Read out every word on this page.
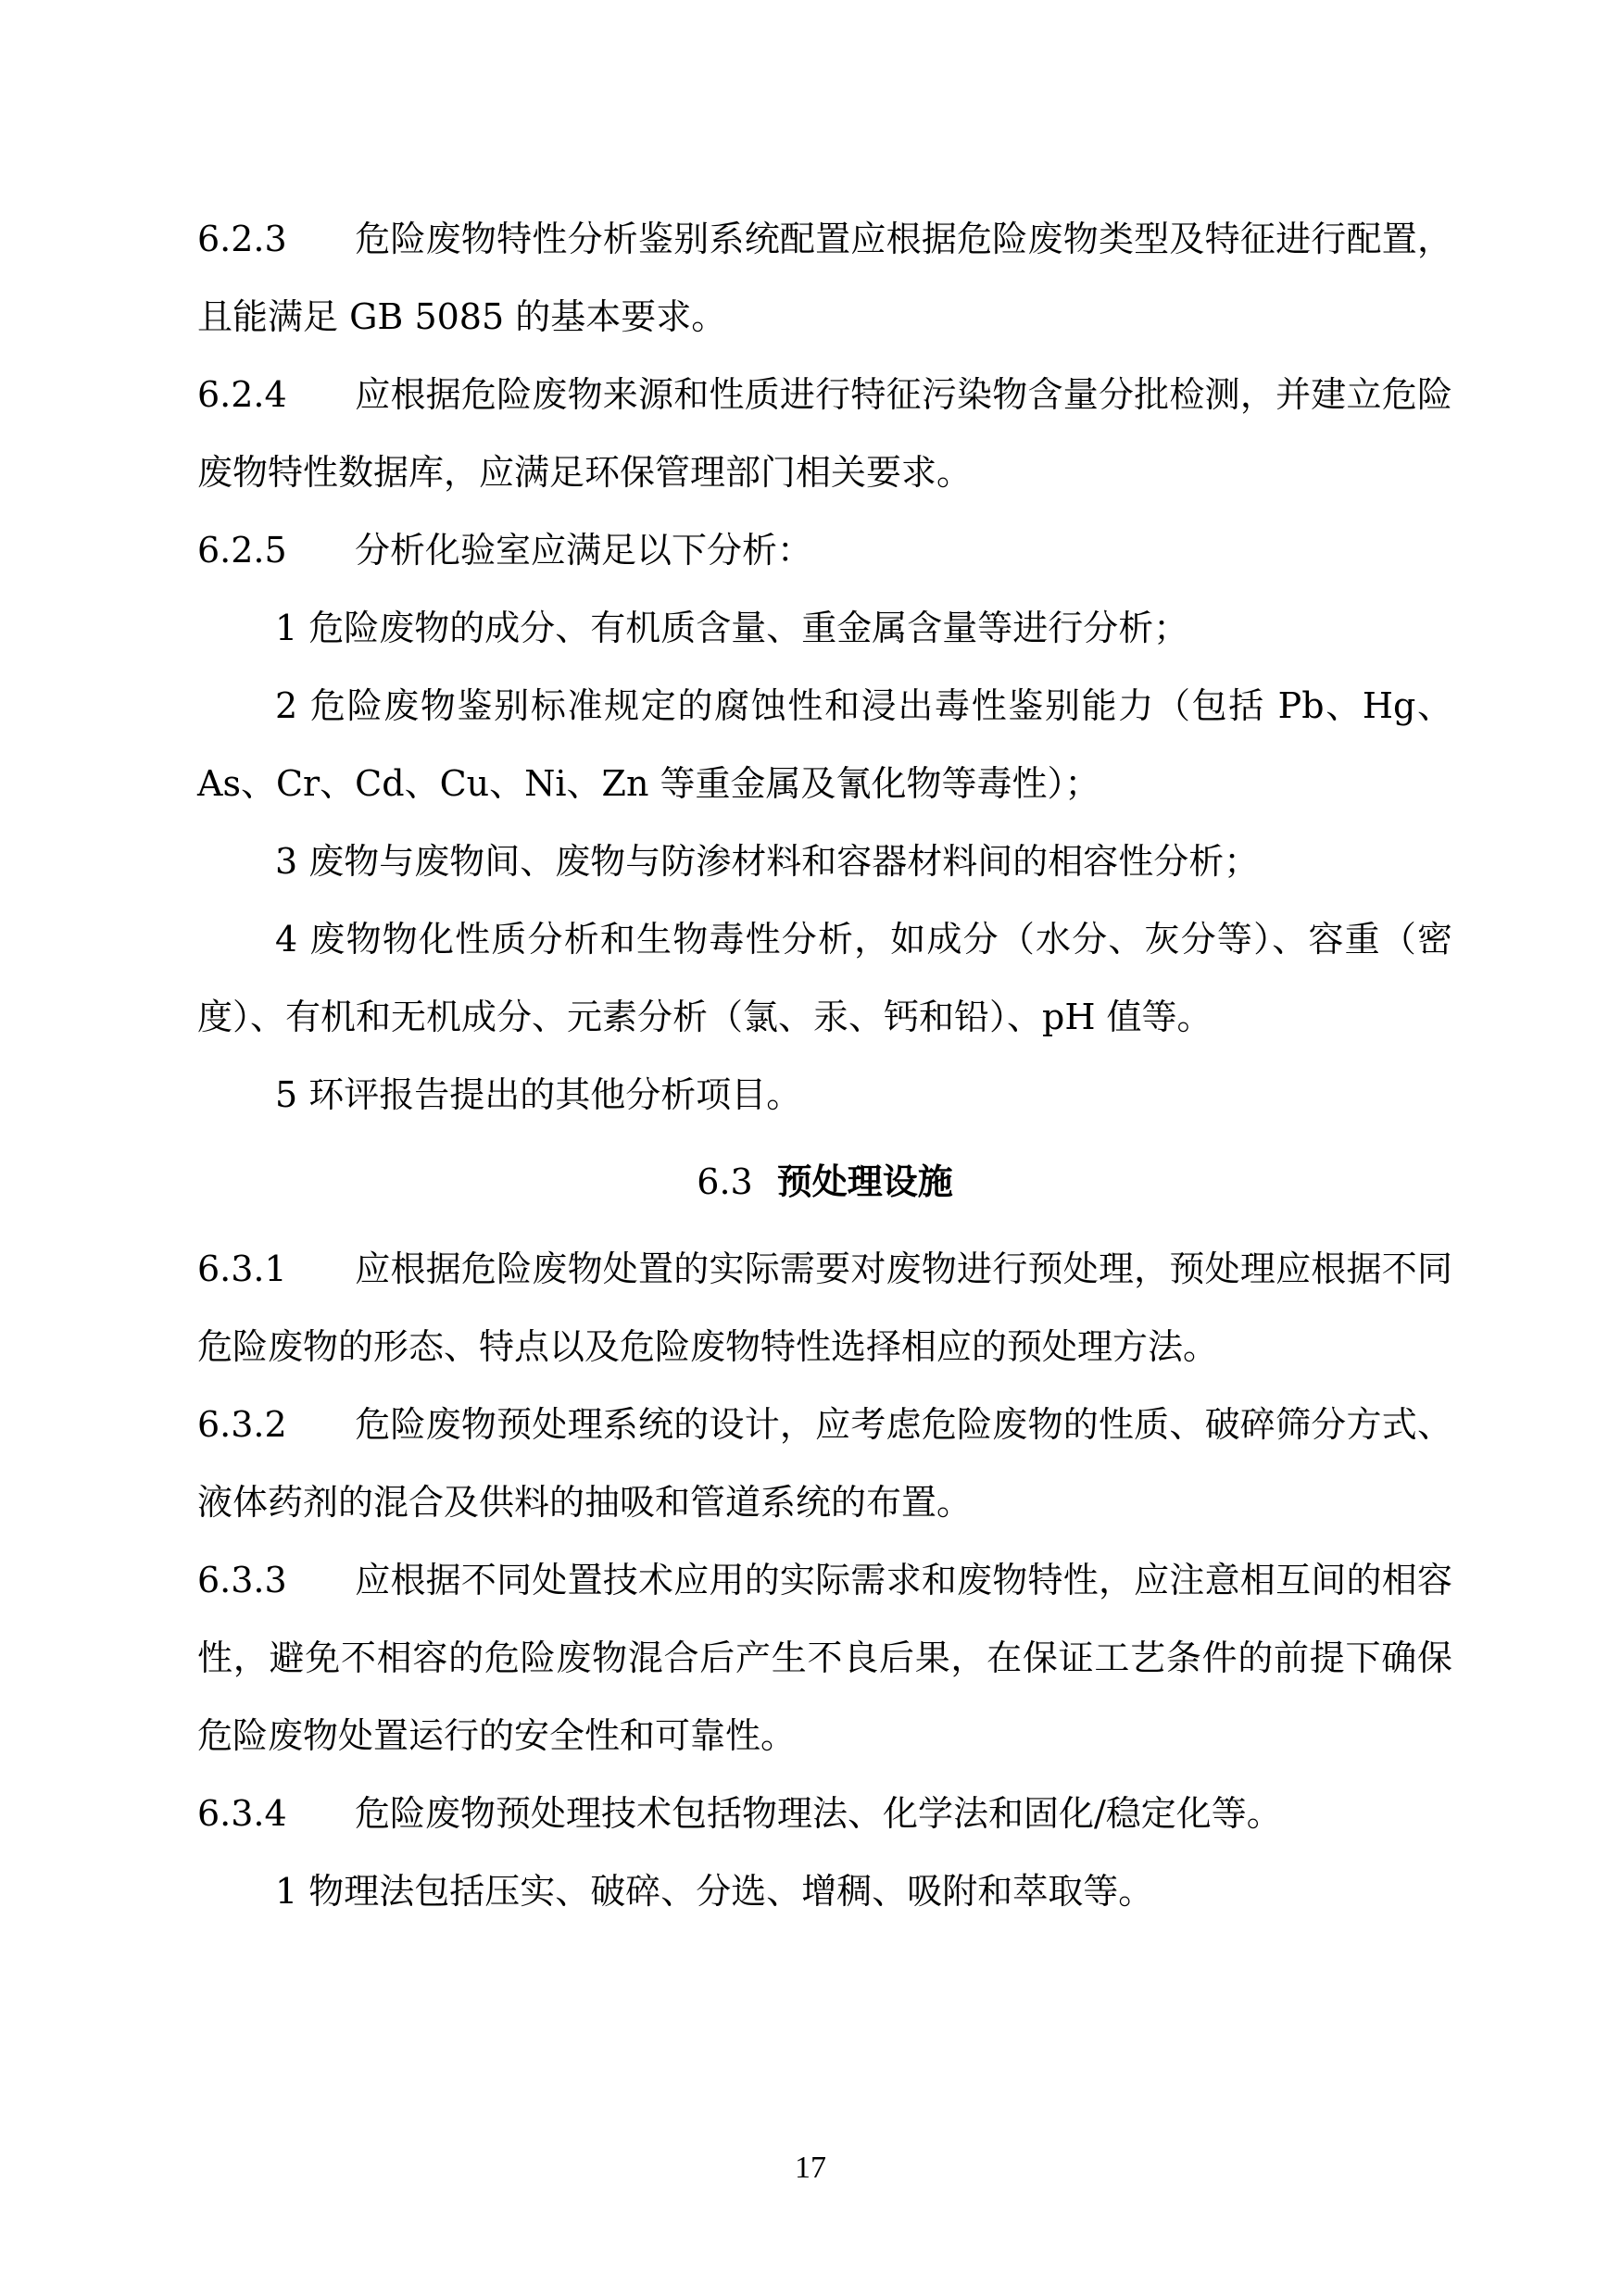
6.2.3 危险废物特性分析鉴别系统配置应根据危险废物类型及特征进行配置，且能满足 GB 5085 的基本要求。

6.2.4 应根据危险废物来源和性质进行特征污染物含量分批检测，并建立危险废物特性数据库，应满足环保管理部门相关要求。

6.2.5 分析化验室应满足以下分析：

1 危险废物的成分、有机质含量、重金属含量等进行分析；

2 危险废物鉴别标准规定的腐蚀性和浸出毒性鉴别能力（包括 Pb、Hg、As、Cr、Cd、Cu、Ni、Zn 等重金属及氰化物等毒性）；

3 废物与废物间、废物与防渗材料和容器材料间的相容性分析；

4 废物物化性质分析和生物毒性分析，如成分（水分、灰分等）、容重（密度）、有机和无机成分、元素分析（氯、汞、钙和铅）、pH 值等。

5 环评报告提出的其他分析项目。

6.3 预处理设施

6.3.1 应根据危险废物处置的实际需要对废物进行预处理，预处理应根据不同危险废物的形态、特点以及危险废物特性选择相应的预处理方法。

6.3.2 危险废物预处理系统的设计，应考虑危险废物的性质、破碎筛分方式、液体药剂的混合及供料的抽吸和管道系统的布置。

6.3.3 应根据不同处置技术应用的实际需求和废物特性，应注意相互间的相容性，避免不相容的危险废物混合后产生不良后果，在保证工艺条件的前提下确保危险废物处置运行的安全性和可靠性。

6.3.4 危险废物预处理技术包括物理法、化学法和固化/稳定化等。

1 物理法包括压实、破碎、分选、增稠、吸附和萃取等。

17
